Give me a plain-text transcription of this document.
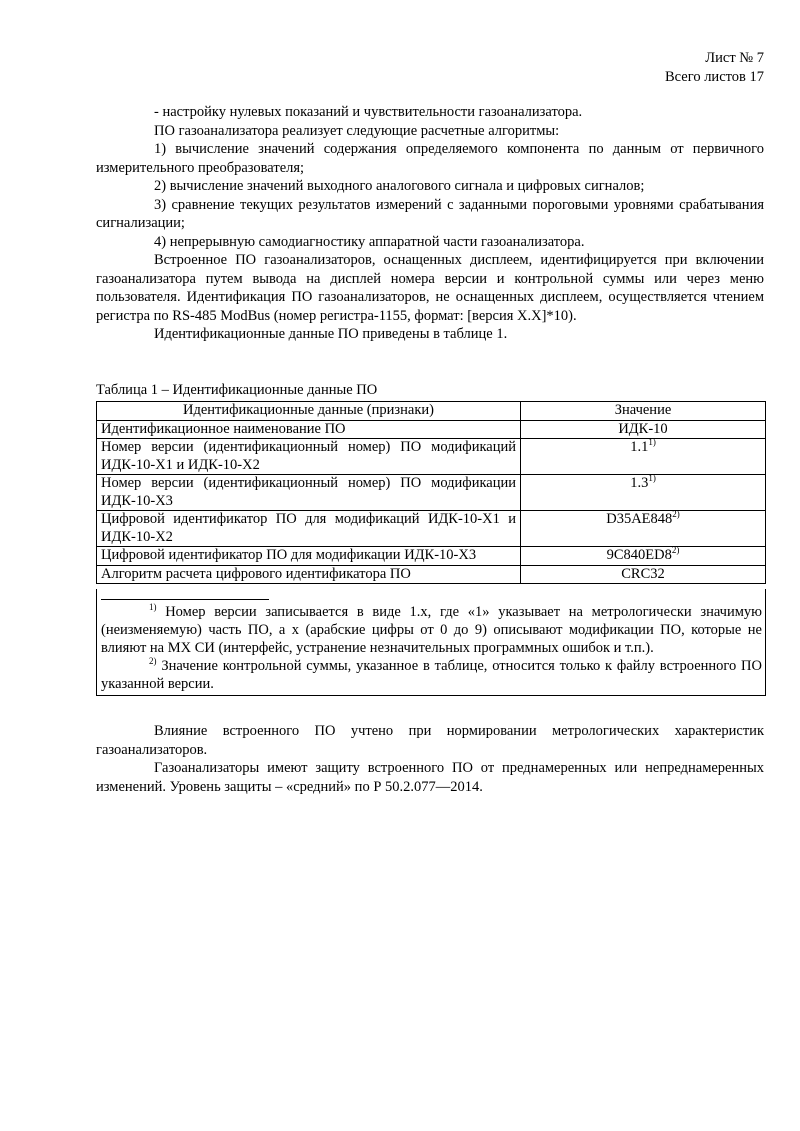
Лист № 7
Всего листов 17

- настройку нулевых показаний и чувствительности газоанализатора.

ПО газоанализатора реализует следующие расчетные алгоритмы:

1) вычисление значений содержания определяемого компонента по данным от первичного измерительного преобразователя;

2) вычисление значений выходного аналогового сигнала и цифровых сигналов;

3) сравнение текущих результатов измерений с заданными пороговыми уровнями срабатывания сигнализации;

4) непрерывную самодиагностику аппаратной части газоанализатора.

Встроенное ПО газоанализаторов, оснащенных дисплеем, идентифицируется при включении газоанализатора путем вывода на дисплей номера версии и контрольной суммы или через меню пользователя. Идентификация ПО газоанализаторов, не оснащенных дисплеем, осуществляется чтением регистра по RS-485 ModBus (номер регистра-1155, формат: [версия X.X]*10).

Идентификационные данные ПО приведены в таблице 1.

Таблица 1 – Идентификационные данные ПО
Идентификационные данные (признаки)	Значение
Идентификационное наименование ПО	ИДК-10
Номер версии (идентификационный номер) ПО модификаций ИДК-10-X1 и ИДК-10-X2	1.1$^{1)}$
Номер версии (идентификационный номер) ПО модификации ИДК-10-X3	1.3$^{1)}$
Цифровой идентификатор ПО для модификаций ИДК-10-X1 и ИДК-10-X2	D35AE848$^{2)}$
Цифровой идентификатор ПО для модификации ИДК-10-X3	9C840ED8$^{2)}$
Алгоритм расчета цифрового идентификатора ПО	CRC32

$^{1)}$ Номер версии записывается в виде 1.x, где «1» указывает на метрологически значимую (неизменяемую) часть ПО, а x (арабские цифры от 0 до 9) описывают модификации ПО, которые не влияют на МХ СИ (интерфейс, устранение незначительных программных ошибок и т.п.).

$^{2)}$ Значение контрольной суммы, указанное в таблице, относится только к файлу встроенного ПО указанной версии.

Влияние встроенного ПО учтено при нормировании метрологических характеристик газоанализаторов.

Газоанализаторы имеют защиту встроенного ПО от преднамеренных или непреднамеренных изменений. Уровень защиты – «средний» по Р 50.2.077—2014.
